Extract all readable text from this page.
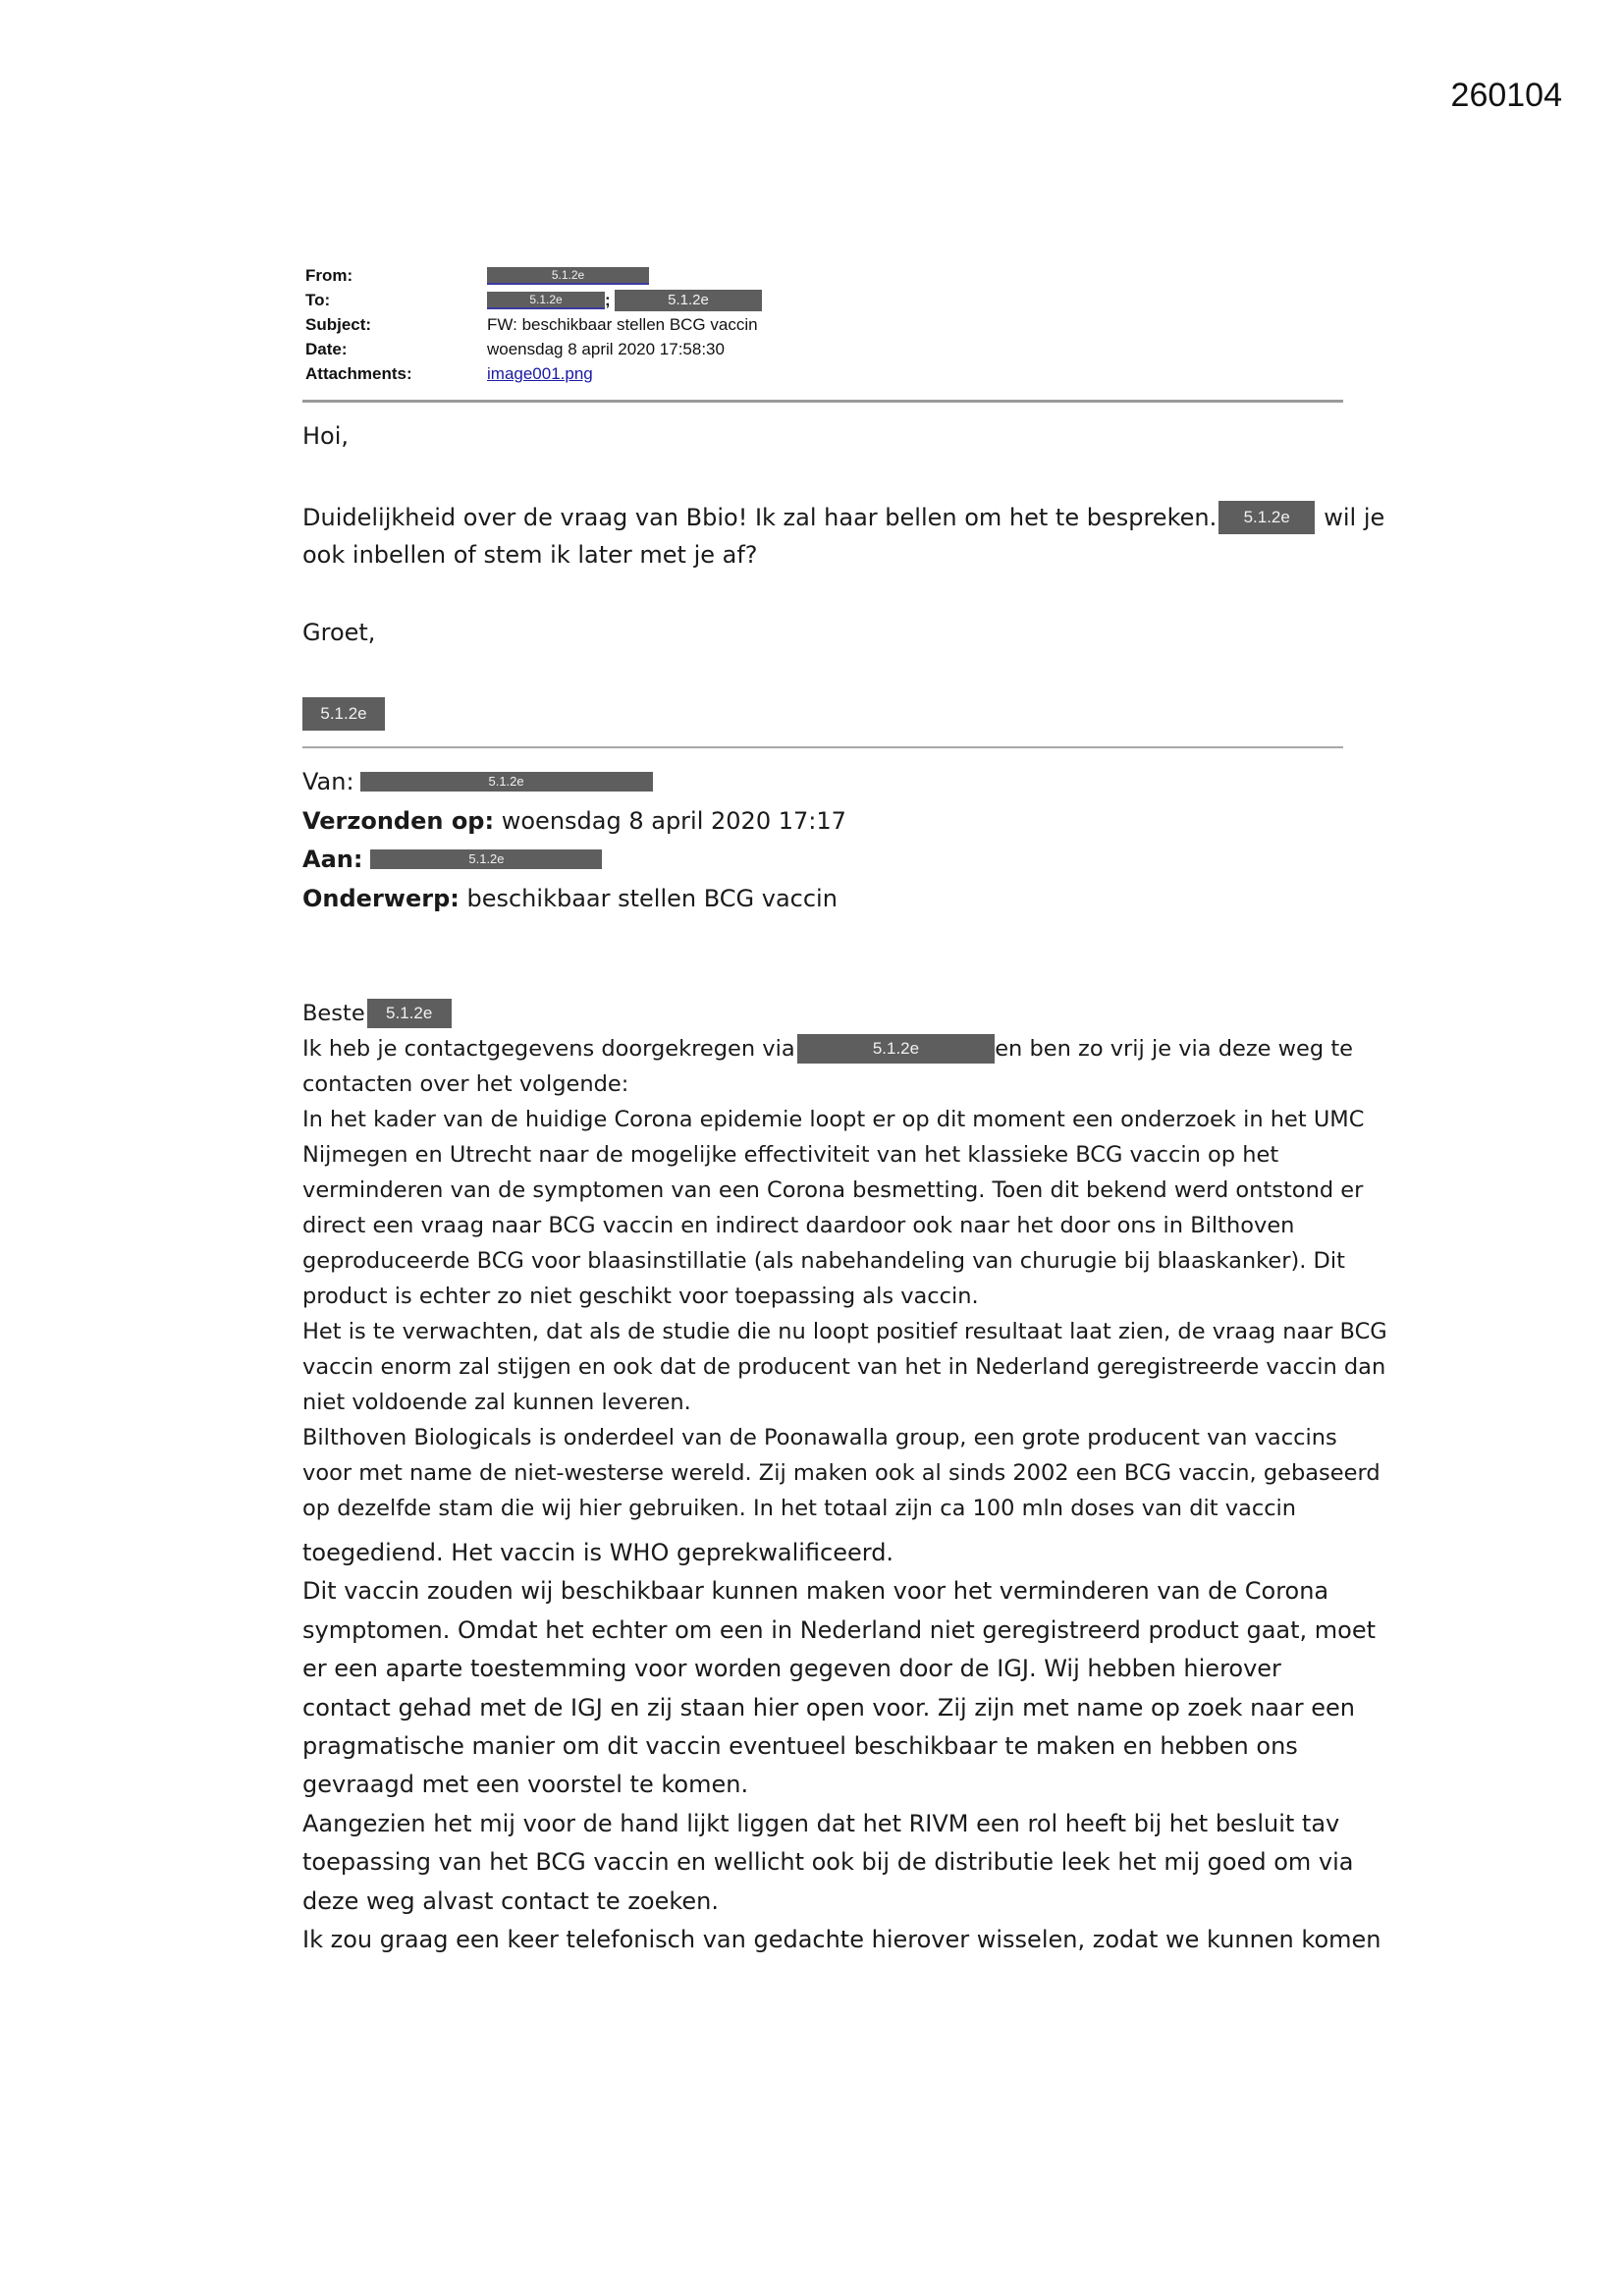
260104
From:	5.1.2e
To:	5.1.2e	;	5.1.2e
Subject:	FW: beschikbaar stellen BCG vaccin
Date:	woensdag 8 april 2020 17:58:30
Attachments:	image001.png
Hoi,
Duidelijkheid over de vraag van Bbio! Ik zal haar bellen om het te bespreken.	5.1.2e	wil je
ook inbellen of stem ik later met je af?
Groet,
5.1.2e
Van:	5.1.2e
Verzonden op: woensdag 8 april 2020 17:17
Aan:	5.1.2e
Onderwerp: beschikbaar stellen BCG vaccin
Beste	5.1.2e
Ik heb je contactgegevens doorgekregen via	5.1.2e	en ben zo vrij je via deze weg te
contacten over het volgende:
In het kader van de huidige Corona epidemie loopt er op dit moment een onderzoek in het UMC
Nijmegen en Utrecht naar de mogelijke effectiviteit van het klassieke BCG vaccin op het
verminderen van de symptomen van een Corona besmetting. Toen dit bekend werd ontstond er
direct een vraag naar BCG vaccin en indirect daardoor ook naar het door ons in Bilthoven
geproduceerde BCG voor blaasinstillatie (als nabehandeling van churugie bij blaaskanker). Dit
product is echter zo niet geschikt voor toepassing als vaccin.
Het is te verwachten, dat als de studie die nu loopt positief resultaat laat zien, de vraag naar BCG
vaccin enorm zal stijgen en ook dat de producent van het in Nederland geregistreerde vaccin dan
niet voldoende zal kunnen leveren.
Bilthoven Biologicals is onderdeel van de Poonawalla group, een grote producent van vaccins
voor met name de niet-westerse wereld. Zij maken ook al sinds 2002 een BCG vaccin, gebaseerd
op dezelfde stam die wij hier gebruiken. In het totaal zijn ca 100 mln doses van dit vaccin
toegediend. Het vaccin is WHO geprekwalificeerd.
Dit vaccin zouden wij beschikbaar kunnen maken voor het verminderen van de Corona
symptomen. Omdat het echter om een in Nederland niet geregistreerd product gaat, moet
er een aparte toestemming voor worden gegeven door de IGJ. Wij hebben hierover
contact gehad met de IGJ en zij staan hier open voor. Zij zijn met name op zoek naar een
pragmatische manier om dit vaccin eventueel beschikbaar te maken en hebben ons
gevraagd met een voorstel te komen.
Aangezien het mij voor de hand lijkt liggen dat het RIVM een rol heeft bij het besluit tav
toepassing van het BCG vaccin en wellicht ook bij de distributie leek het mij goed om via
deze weg alvast contact te zoeken.
Ik zou graag een keer telefonisch van gedachte hierover wisselen, zodat we kunnen komen
